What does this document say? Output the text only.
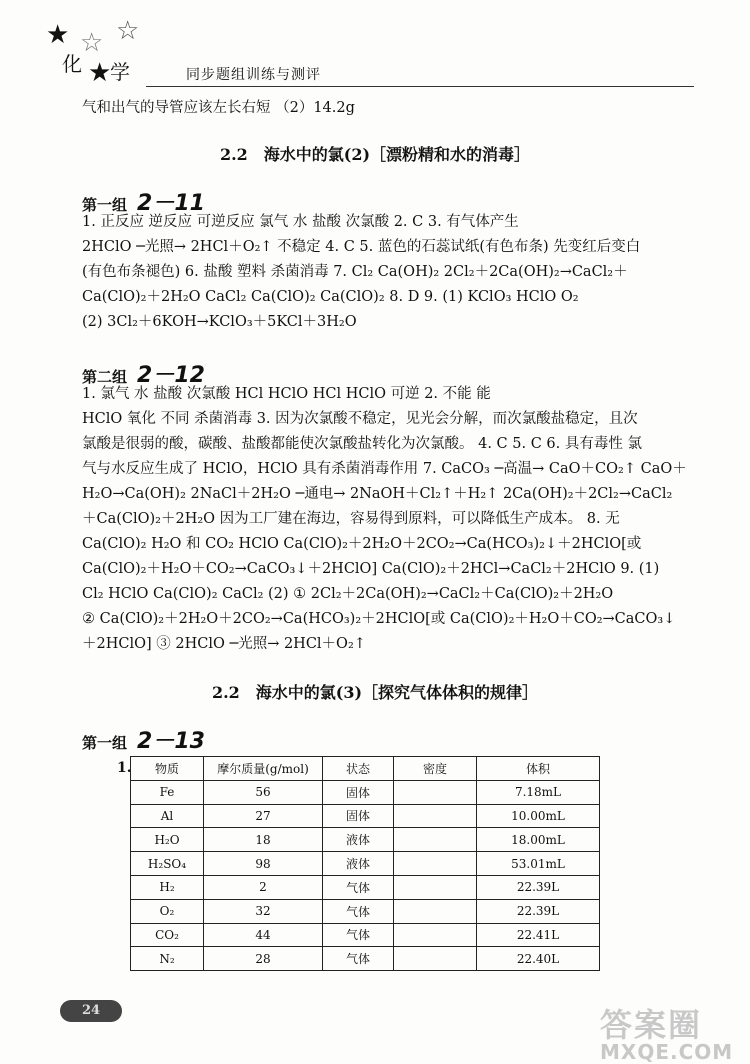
★ ☆ ☆
★
化 学	同步题组训练与测评
气和出气的导管应该左长右短 （2）14.2g
2.2　海水中的氯(2)［漂粉精和水的消毒］
第一组 2－11
1. 正反应 逆反应 可逆反应 氯气 水 盐酸 次氯酸 2. C 3. 有气体产生
2HClO ─光照→ 2HCl＋O₂↑ 不稳定 4. C 5. 蓝色的石蕊试纸(有色布条) 先变红后变白
(有色布条褪色) 6. 盐酸 塑料 杀菌消毒 7. Cl₂ Ca(OH)₂ 2Cl₂＋2Ca(OH)₂→CaCl₂＋
Ca(ClO)₂＋2H₂O CaCl₂ Ca(ClO)₂ Ca(ClO)₂ 8. D 9. (1) KClO₃ HClO O₂
(2) 3Cl₂＋6KOH→KClO₃＋5KCl＋3H₂O
第二组 2－12
1. 氯气 水 盐酸 次氯酸 HCl HClO HCl HClO 可逆 2. 不能 能
HClO 氧化 不同 杀菌消毒 3. 因为次氯酸不稳定，见光会分解，而次氯酸盐稳定，且次
氯酸是很弱的酸，碳酸、盐酸都能使次氯酸盐转化为次氯酸。 4. C 5. C 6. 具有毒性 氯
气与水反应生成了 HClO，HClO 具有杀菌消毒作用 7. CaCO₃ ─高温→ CaO＋CO₂↑ CaO＋
H₂O→Ca(OH)₂ 2NaCl＋2H₂O ─通电→ 2NaOH＋Cl₂↑＋H₂↑ 2Ca(OH)₂＋2Cl₂→CaCl₂
＋Ca(ClO)₂＋2H₂O 因为工厂建在海边，容易得到原料，可以降低生产成本。 8. 无
Ca(ClO)₂ H₂O 和 CO₂ HClO Ca(ClO)₂＋2H₂O＋2CO₂→Ca(HCO₃)₂↓＋2HClO[或
Ca(ClO)₂＋H₂O＋CO₂→CaCO₃↓＋2HClO] Ca(ClO)₂＋2HCl→CaCl₂＋2HClO 9. (1)
Cl₂ HClO Ca(ClO)₂ CaCl₂ (2) ① 2Cl₂＋2Ca(OH)₂→CaCl₂＋Ca(ClO)₂＋2H₂O
② Ca(ClO)₂＋2H₂O＋2CO₂→Ca(HCO₃)₂＋2HClO[或 Ca(ClO)₂＋H₂O＋CO₂→CaCO₃↓
＋2HClO] ③ 2HClO ─光照→ 2HCl＋O₂↑
2.2　海水中的氯(3)［探究气体体积的规律］
第一组 2－13
1. 物质	摩尔质量(g/mol)	状态	密度	体积
Fe	56	固体		7.18mL
Al	27	固体		10.00mL
H₂O	18	液体		18.00mL
H₂SO₄	98	液体		53.01mL
H₂	2	气体		22.39L
O₂	32	气体		22.39L
CO₂	44	气体		22.41L
N₂	28	气体		22.40L
24	答案圈
MXQE.COM
